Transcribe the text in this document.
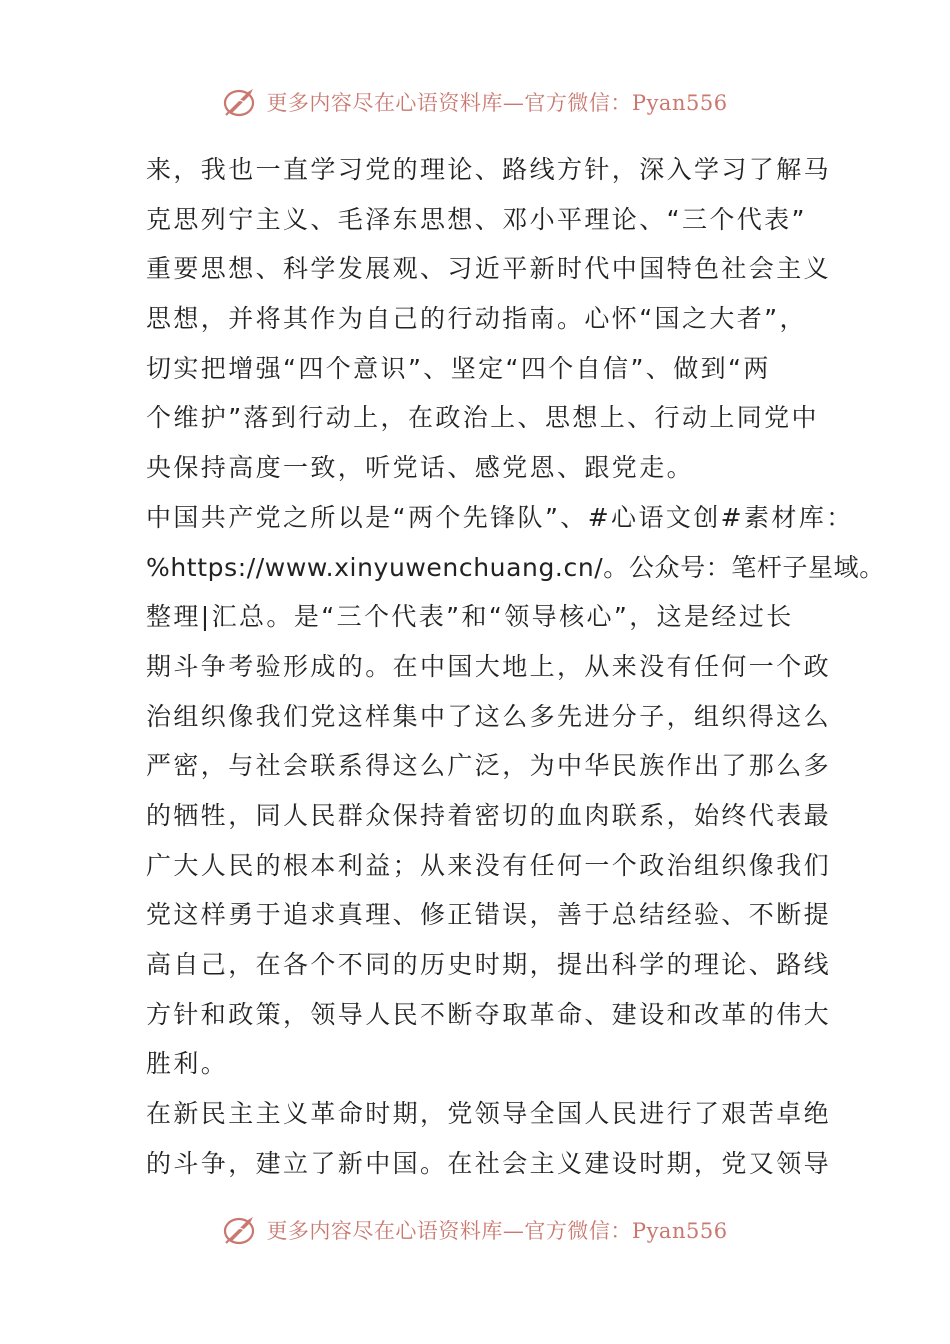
更多内容尽在心语资料库—官方微信：Pyan556
来，我也一直学习党的理论、路线方针，深入学习了解马
克思列宁主义、毛泽东思想、邓小平理论、“三个代表”
重要思想、科学发展观、习近平新时代中国特色社会主义
思想，并将其作为自己的行动指南。心怀“国之大者”，
切实把增强“四个意识”、坚定“四个自信”、做到“两
个维护”落到行动上，在政治上、思想上、行动上同党中
央保持高度一致，听党话、感党恩、跟党走。
中国共产党之所以是“两个先锋队”、#心语文创#素材库：
%https://www.xinyuwenchuang.cn/。公众号：笔杆子星域。
整理|汇总。是“三个代表”和“领导核心”，这是经过长
期斗争考验形成的。在中国大地上，从来没有任何一个政
治组织像我们党这样集中了这么多先进分子，组织得这么
严密，与社会联系得这么广泛，为中华民族作出了那么多
的牺牲，同人民群众保持着密切的血肉联系，始终代表最
广大人民的根本利益；从来没有任何一个政治组织像我们
党这样勇于追求真理、修正错误，善于总结经验、不断提
高自己，在各个不同的历史时期，提出科学的理论、路线
方针和政策，领导人民不断夺取革命、建设和改革的伟大
胜利。
在新民主主义革命时期，党领导全国人民进行了艰苦卓绝
的斗争，建立了新中国。在社会主义建设时期，党又领导
更多内容尽在心语资料库—官方微信：Pyan556
